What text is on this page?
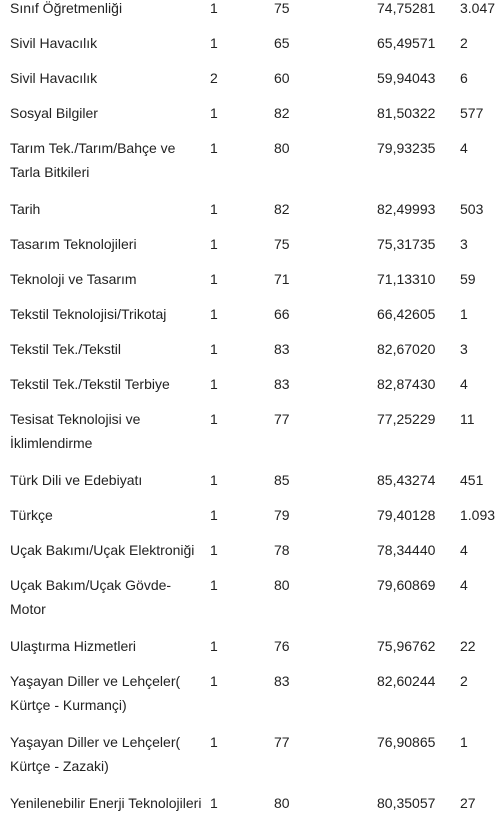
Sınıf Öğretmenliği	1	75	74,75281	3.047
Sivil Havacılık	1	65	65,49571	2
Sivil Havacılık	2	60	59,94043	6
Sosyal Bilgiler	1	82	81,50322	577
Tarım Tek./Tarım/Bahçe ve Tarla Bitkileri
1	80	79,93235	4
Tarih	1	82	82,49993	503
Tasarım Teknolojileri	1	75	75,31735	3
Teknoloji ve Tasarım	1	71	71,13310	59
Tekstil Teknolojisi/Trikotaj	1	66	66,42605	1
Tekstil Tek./Tekstil	1	83	82,67020	3
Tekstil Tek./Tekstil Terbiye	1	83	82,87430	4
Tesisat Teknolojisi ve İklimlendirme
1	77	77,25229	11
Türk Dili ve Edebiyatı	1	85	85,43274	451
Türkçe	1	79	79,40128	1.093
Uçak Bakımı/Uçak Elektroniği	1	78	78,34440	4
Uçak Bakım/Uçak Gövde-Motor
1	80	79,60869	4
Ulaştırma Hizmetleri	1	76	75,96762	22
Yaşayan Diller ve Lehçeler( Kürtçe - Kurmançi)
1	83	82,60244	2
Yaşayan Diller ve Lehçeler( Kürtçe - Zazaki)
1	77	76,90865	1
Yenilenebilir Enerji Teknolojileri 1	80	80,35057	27
